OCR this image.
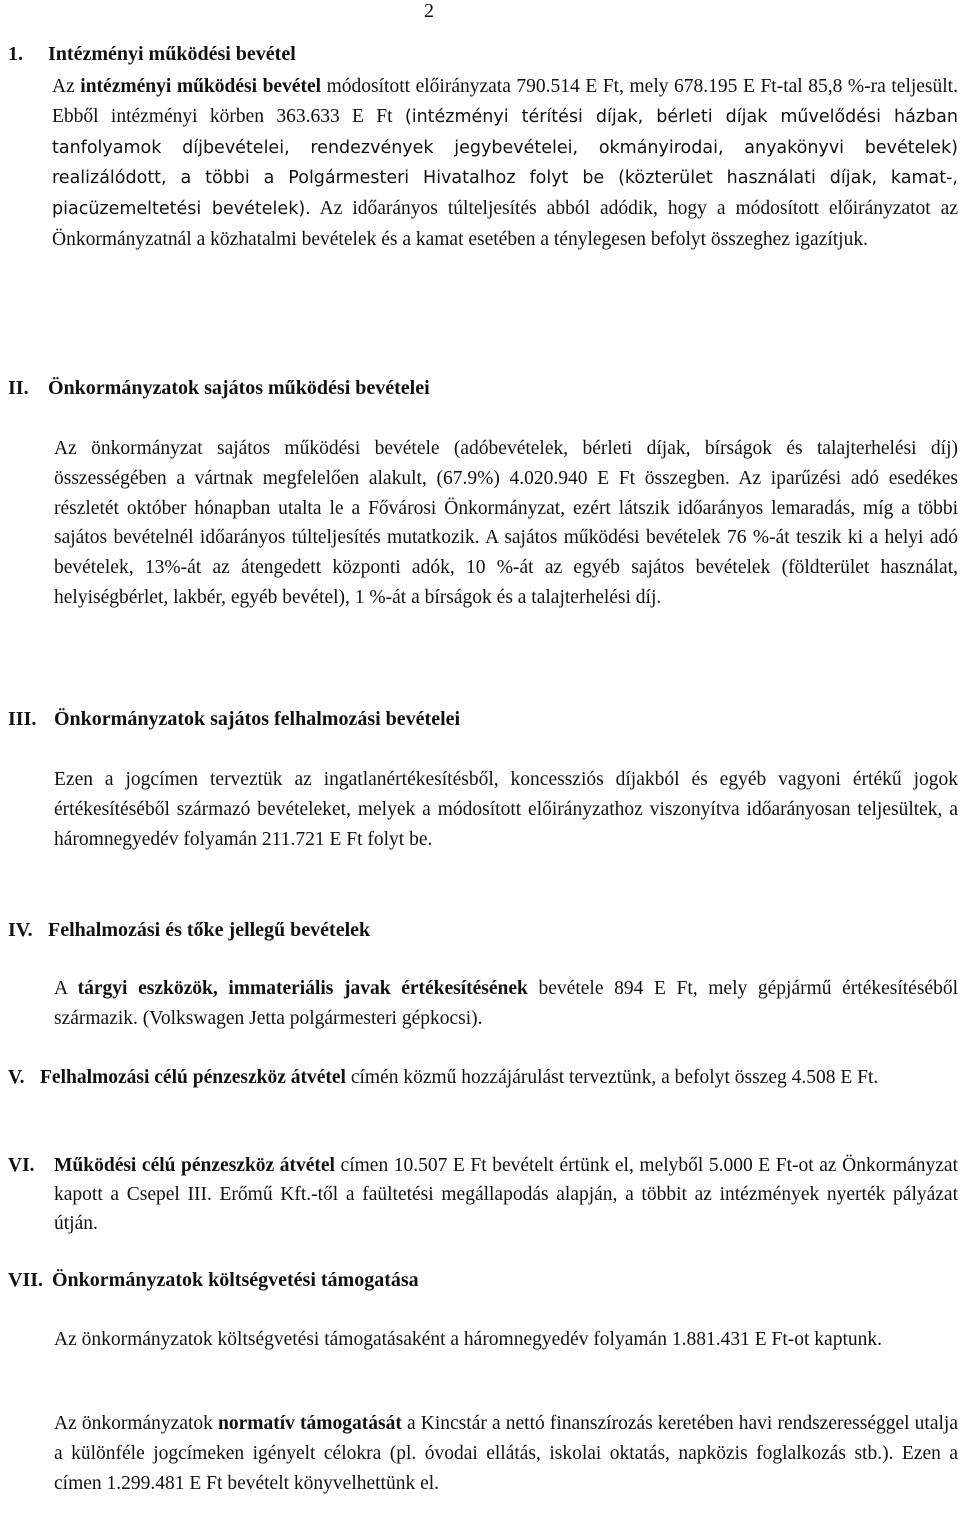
2
1. Intézményi működési bevétel
Az intézményi működési bevétel módosított előirányzata 790.514 E Ft, mely 678.195 E Ft-tal 85,8 %-ra teljesült. Ebből intézményi körben 363.633 E Ft (intézményi térítési díjak, bérleti díjak művelődési házban tanfolyamok díjbevételei, rendezvények jegybevételei, okmányirodai, anyakönyvi bevételek) realizálódott, a többi a Polgármesteri Hivatalhoz folyt be (közterület használati díjak, kamat-, piacüzemeltetési bevételek). Az időarányos túlteljesítés abból adódik, hogy a módosított előirányzatot az Önkormányzatnál a közhatalmi bevételek és a kamat esetében a ténylegesen befolyt összeghez igazítjuk.
II. Önkormányzatok sajátos működési bevételei
Az önkormányzat sajátos működési bevétele (adóbevételek, bérleti díjak, bírságok és talajterhelési díj) összességében a vártnak megfelelően alakult, (67.9%) 4.020.940 E Ft összegben. Az iparűzési adó esedékes részletét október hónapban utalta le a Fővárosi Önkormányzat, ezért látszik időarányos lemaradás, míg a többi sajátos bevételnél időarányos túlteljesítés mutatkozik. A sajátos működési bevételek 76 %-át teszik ki a helyi adó bevételek, 13%-át az átengedett központi adók, 10 %-át az egyéb sajátos bevételek (földterület használat, helyiségbérlet, lakbér, egyéb bevétel), 1 %-át a bírságok és a talajterhelési díj.
III. Önkormányzatok sajátos felhalmozási bevételei
Ezen a jogcímen terveztük az ingatlanértékesítésből, koncessziós díjakból és egyéb vagyoni értékű jogok értékesítéséből származó bevételeket, melyek a módosított előirányzathoz viszonyítva időarányosan teljesültek, a háromnegyedév folyamán 211.721 E Ft folyt be.
IV. Felhalmozási és tőke jellegű bevételek
A tárgyi eszközök, immateriális javak értékesítésének bevétele 894 E Ft, mely gépjármű értékesítéséből származik. (Volkswagen Jetta polgármesteri gépkocsi).
V. Felhalmozási célú pénzeszköz átvétel címén közmű hozzájárulást terveztünk, a befolyt összeg 4.508 E Ft.
VI. Működési célú pénzeszköz átvétel címen 10.507 E Ft bevételt értünk el, melyből 5.000 E Ft-ot az Önkormányzat kapott a Csepel III. Erőmű Kft.-től a faültetési megállapodás alapján, a többit az intézmények nyerték pályázat útján.
VII. Önkormányzatok költségvetési támogatása
Az önkormányzatok költségvetési támogatásaként a háromnegyedév folyamán 1.881.431 E Ft-ot kaptunk.
Az önkormányzatok normatív támogatását a Kincstár a nettó finanszírozás keretében havi rendszerességgel utalja a különféle jogcímeken igényelt célokra (pl. óvodai ellátás, iskolai oktatás, napközis foglalkozás stb.). Ezen a címen 1.299.481 E Ft bevételt könyvelhettünk el.
